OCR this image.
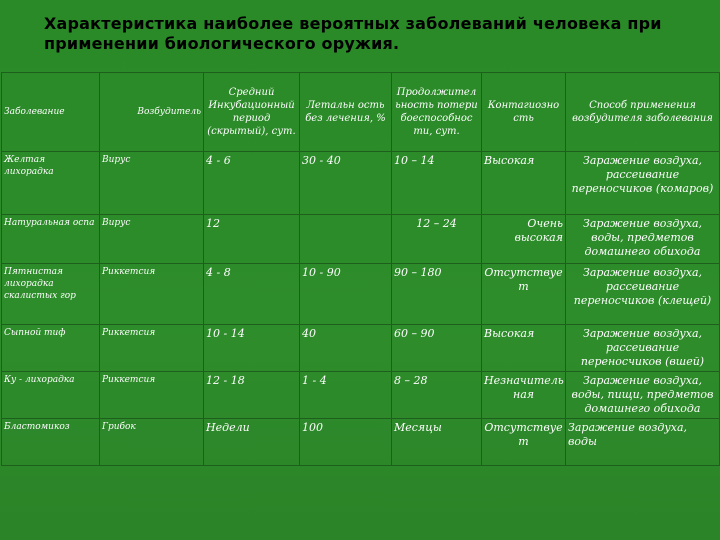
Характеристика наиболее вероятных заболеваний человека при применении биологического оружия.
Заболевание	Возбудитель	Средний Инкубационный период (скрытый), сут.	Летальн ость без лечения, %	Продолжител ьность потери боеспособнос ти, сут.	Контагиозно сть	Способ применения возбудителя заболевания
Желтая лихорадка	Вирус	4 - 6	30 - 40	10 – 14	Высокая	Заражение воздуха, рассеивание переносчиков (комаров)
Натуральная оспа	Вирус	12		12 – 24	Очень высокая	Заражение воздуха, воды, предметов домашнего обихода
Пятнистая лихорадка скалистых гор	Риккетсия	4 - 8	10 - 90	90 – 180	Отсутствуе т	Заражение воздуха, рассеивание переносчиков (клещей)
Сыпной тиф	Риккетсия	10 - 14	40	60 – 90	Высокая	Заражение воздуха, рассеивание переносчиков (вшей)
Ку - лихорадка	Риккетсия	12 - 18	1 - 4	8 – 28	Незначитель ная	Заражение воздуха, воды, пищи, предметов домашнего обихода
Бластомикоз	Грибок	Недели	100	Месяцы	Отсутствуе т	Заражение воздуха, воды
